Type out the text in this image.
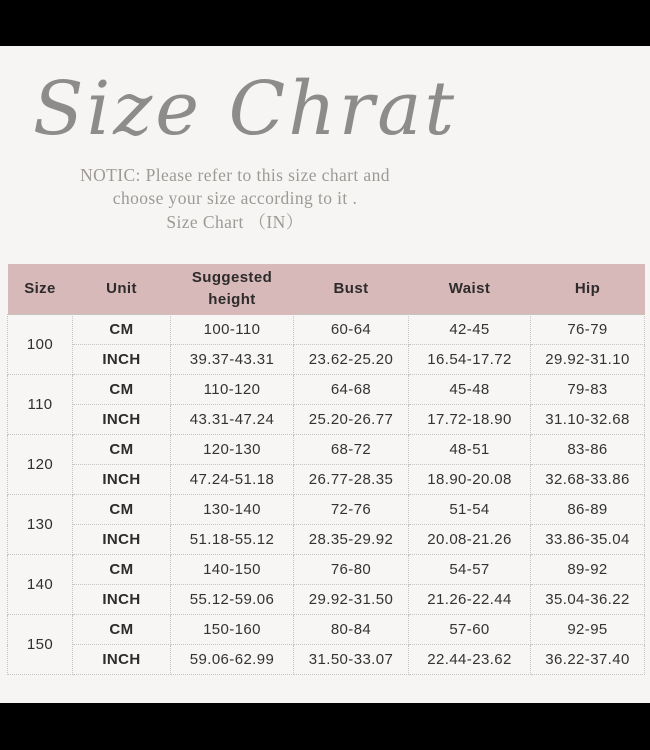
Size Chrat
NOTIC: Please refer to this size chart and
choose your size according to it .
Size Chart （IN）
Size	Unit	Suggested height	Bust	Waist	Hip
100	CM	100-110	60-64	42-45	76-79
	INCH	39.37-43.31	23.62-25.20	16.54-17.72	29.92-31.10
110	CM	110-120	64-68	45-48	79-83
	INCH	43.31-47.24	25.20-26.77	17.72-18.90	31.10-32.68
120	CM	120-130	68-72	48-51	83-86
	INCH	47.24-51.18	26.77-28.35	18.90-20.08	32.68-33.86
130	CM	130-140	72-76	51-54	86-89
	INCH	51.18-55.12	28.35-29.92	20.08-21.26	33.86-35.04
140	CM	140-150	76-80	54-57	89-92
	INCH	55.12-59.06	29.92-31.50	21.26-22.44	35.04-36.22
150	CM	150-160	80-84	57-60	92-95
	INCH	59.06-62.99	31.50-33.07	22.44-23.62	36.22-37.40
